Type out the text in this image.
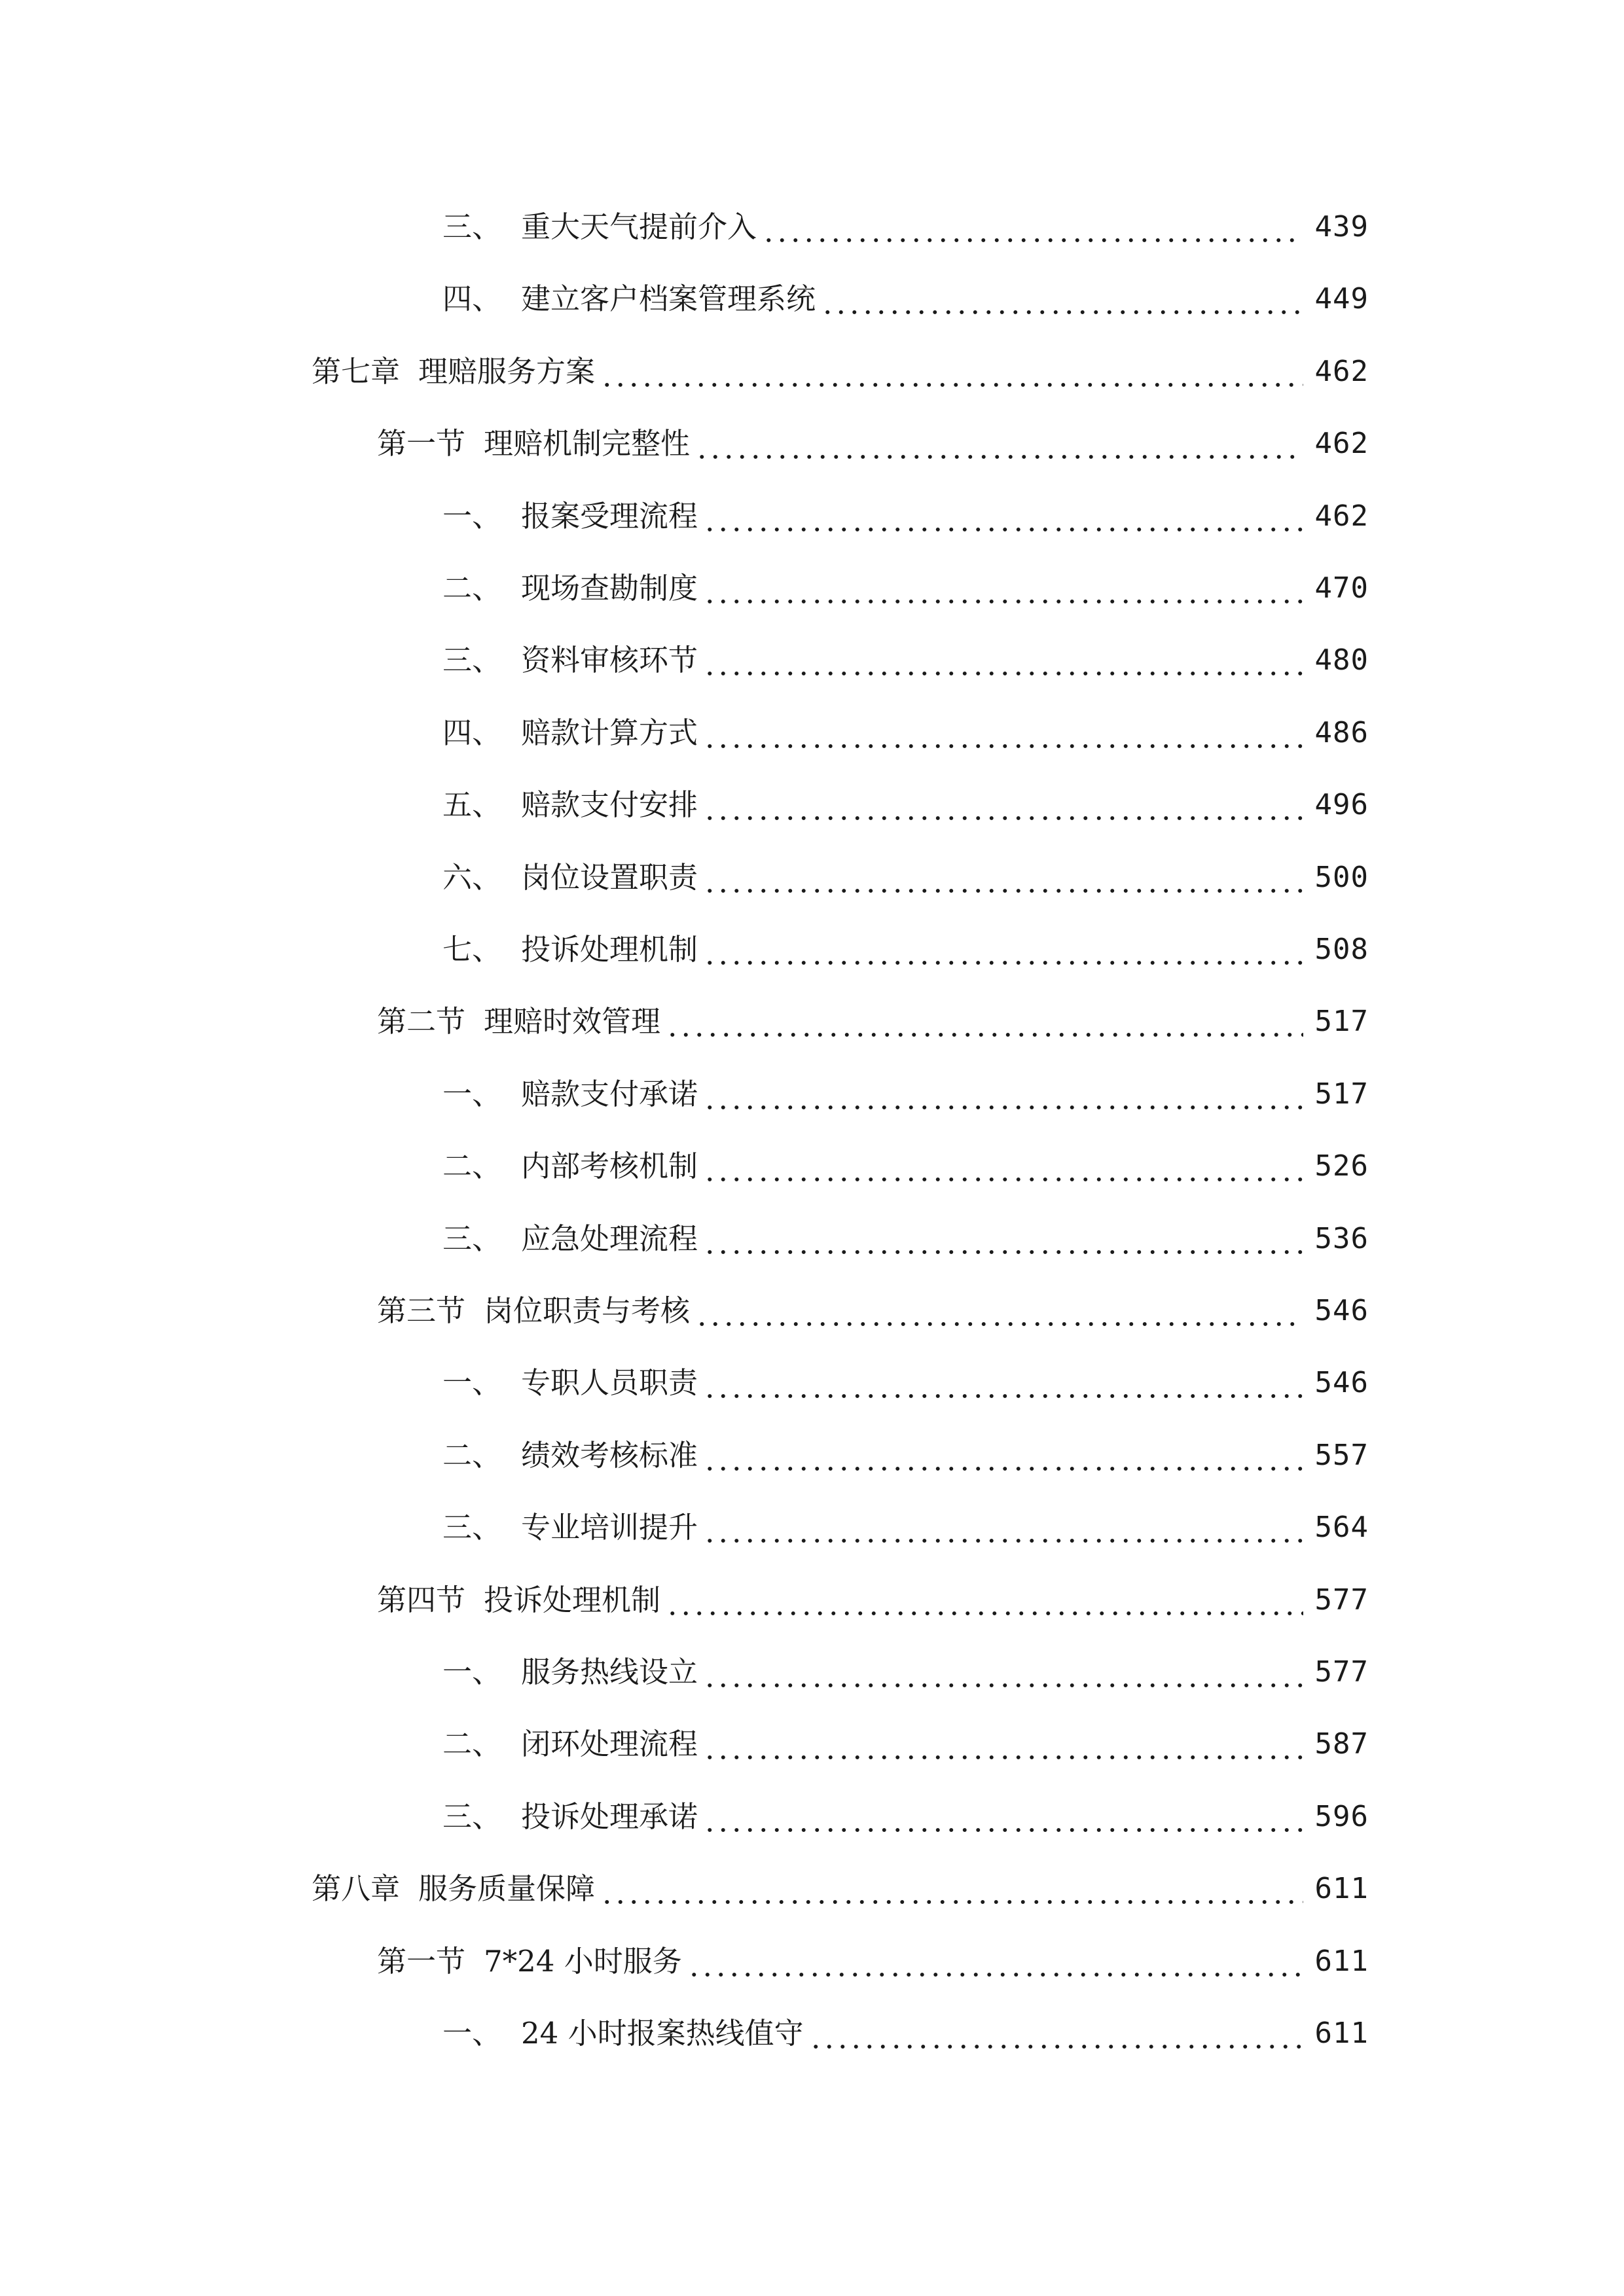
三、 重大天气提前介入	439
四、 建立客户档案管理系统	449
第七章 理赔服务方案	462
第一节 理赔机制完整性	462
一、 报案受理流程	462
二、 现场查勘制度	470
三、 资料审核环节	480
四、 赔款计算方式	486
五、 赔款支付安排	496
六、 岗位设置职责	500
七、 投诉处理机制	508
第二节 理赔时效管理	517
一、 赔款支付承诺	517
二、 内部考核机制	526
三、 应急处理流程	536
第三节 岗位职责与考核	546
一、 专职人员职责	546
二、 绩效考核标准	557
三、 专业培训提升	564
第四节 投诉处理机制	577
一、 服务热线设立	577
二、 闭环处理流程	587
三、 投诉处理承诺	596
第八章 服务质量保障	611
第一节 7*24 小时服务	611
一、 24 小时报案热线值守	611
